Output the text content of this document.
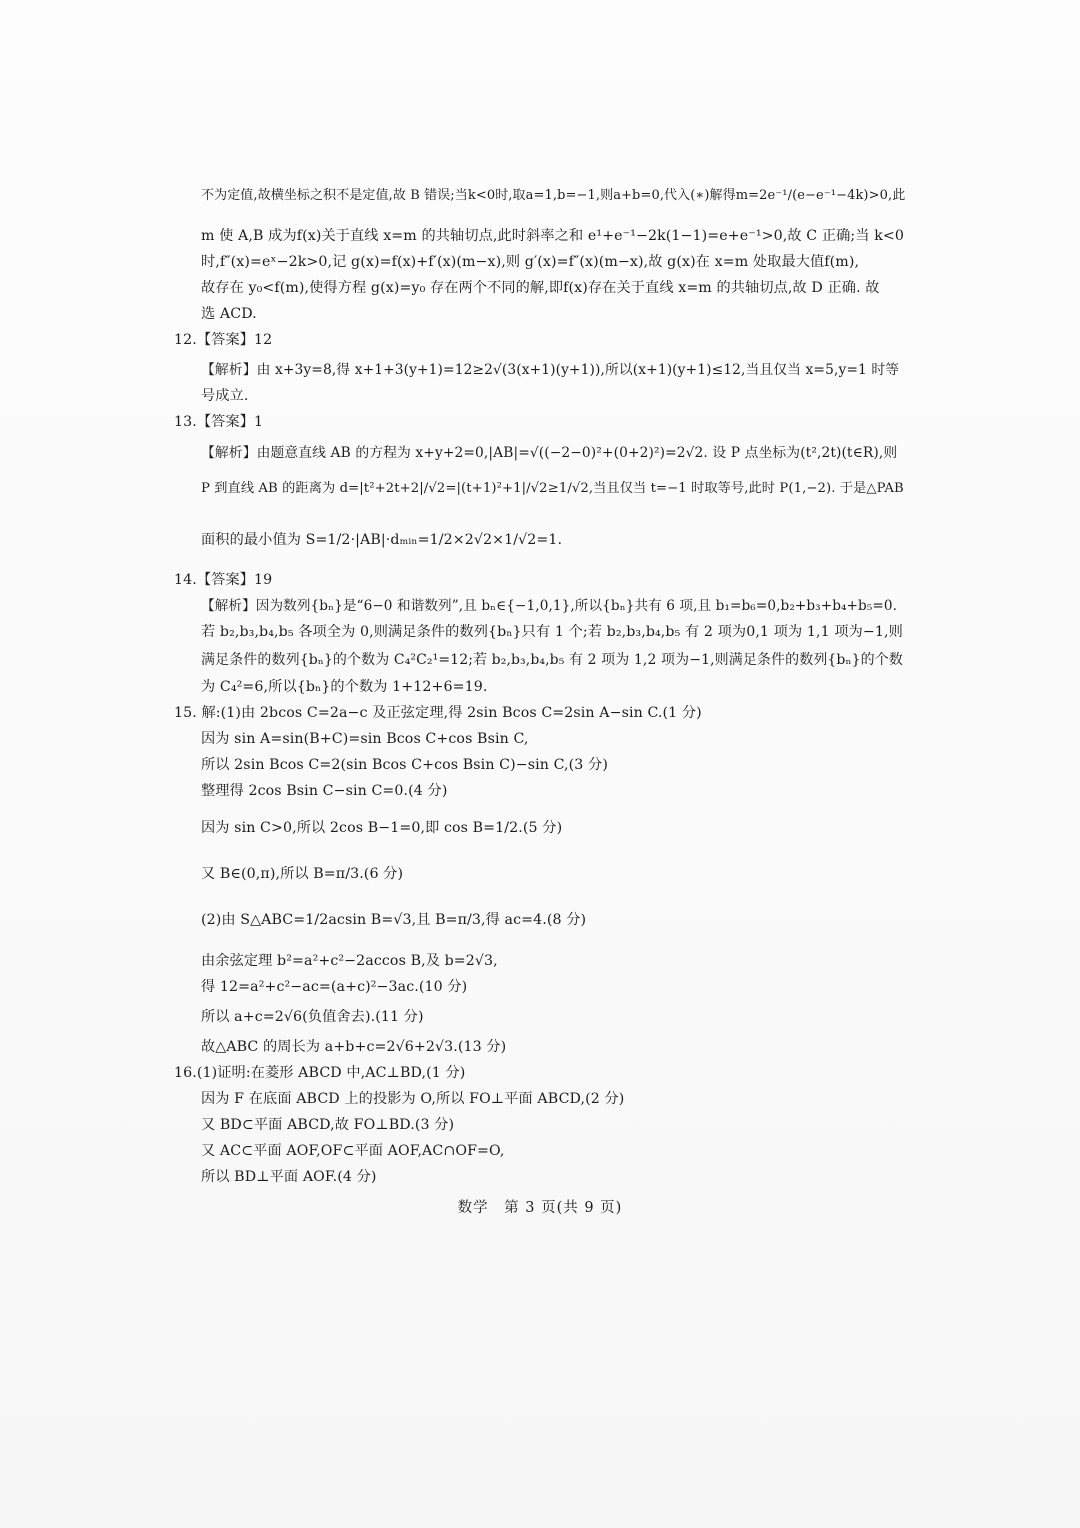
不为定值,故横坐标之积不是定值,故 B 错误;当k<0时,取a=1,b=−1,则a+b=0,代入(∗)解得m=2e⁻¹/(e−e⁻¹−4k)>0,此
m 使 A,B 成为f(x)关于直线 x=m 的共轴切点,此时斜率之和 e¹+e⁻¹−2k(1−1)=e+e⁻¹>0,故 C 正确;当 k<0
时,f″(x)=eˣ−2k>0,记 g(x)=f(x)+f′(x)(m−x),则 g′(x)=f″(x)(m−x),故 g(x)在 x=m 处取最大值f(m),
故存在 y₀<f(m),使得方程 g(x)=y₀ 存在两个不同的解,即f(x)存在关于直线 x=m 的共轴切点,故 D 正确. 故
选 ACD.
12.【答案】12
【解析】由 x+3y=8,得 x+1+3(y+1)=12≥2√(3(x+1)(y+1)),所以(x+1)(y+1)≤12,当且仅当 x=5,y=1 时等
号成立.
13.【答案】1
【解析】由题意直线 AB 的方程为 x+y+2=0,|AB|=√((−2−0)²+(0+2)²)=2√2. 设 P 点坐标为(t²,2t)(t∈R),则
P 到直线 AB 的距离为 d=|t²+2t+2|/√2=|(t+1)²+1|/√2≥1/√2,当且仅当 t=−1 时取等号,此时 P(1,−2). 于是△PAB
面积的最小值为 S=1/2·|AB|·dₘᵢₙ=1/2×2√2×1/√2=1.
14.【答案】19
【解析】因为数列{bₙ}是“6−0 和谐数列”,且 bₙ∈{−1,0,1},所以{bₙ}共有 6 项,且 b₁=b₆=0,b₂+b₃+b₄+b₅=0.
若 b₂,b₃,b₄,b₅ 各项全为 0,则满足条件的数列{bₙ}只有 1 个;若 b₂,b₃,b₄,b₅ 有 2 项为0,1 项为 1,1 项为−1,则
满足条件的数列{bₙ}的个数为 C₄²C₂¹=12;若 b₂,b₃,b₄,b₅ 有 2 项为 1,2 项为−1,则满足条件的数列{bₙ}的个数
为 C₄²=6,所以{bₙ}的个数为 1+12+6=19.
15. 解:(1)由 2bcos C=2a−c 及正弦定理,得 2sin Bcos C=2sin A−sin C.(1 分)
因为 sin A=sin(B+C)=sin Bcos C+cos Bsin C,
所以 2sin Bcos C=2(sin Bcos C+cos Bsin C)−sin C,(3 分)
整理得 2cos Bsin C−sin C=0.(4 分)
因为 sin C>0,所以 2cos B−1=0,即 cos B=1/2.(5 分)
又 B∈(0,π),所以 B=π/3.(6 分)
(2)由 S△ABC=1/2acsin B=√3,且 B=π/3,得 ac=4.(8 分)
由余弦定理 b²=a²+c²−2accos B,及 b=2√3,
得 12=a²+c²−ac=(a+c)²−3ac.(10 分)
所以 a+c=2√6(负值舍去).(11 分)
故△ABC 的周长为 a+b+c=2√6+2√3.(13 分)
16.(1)证明:在菱形 ABCD 中,AC⊥BD,(1 分)
因为 F 在底面 ABCD 上的投影为 O,所以 FO⊥平面 ABCD,(2 分)
又 BD⊂平面 ABCD,故 FO⊥BD.(3 分)
又 AC⊂平面 AOF,OF⊂平面 AOF,AC∩OF=O,
所以 BD⊥平面 AOF.(4 分)
数学　第 3 页(共 9 页)
